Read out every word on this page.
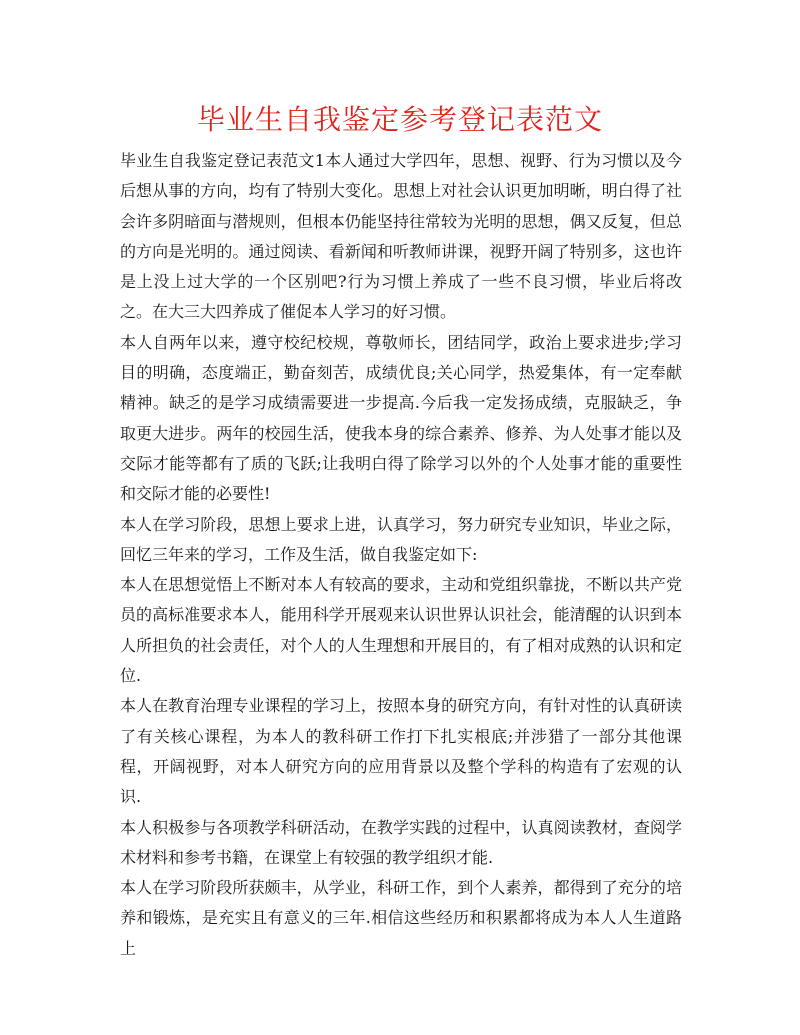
毕业生自我鉴定参考登记表范文

毕业生自我鉴定登记表范文1本人通过大学四年，思想、视野、行为习惯以及今后想从事的方向，均有了特别大变化。思想上对社会认识更加明晰，明白得了社会许多阴暗面与潜规则，但根本仍能坚持往常较为光明的思想，偶又反复，但总的方向是光明的。通过阅读、看新闻和听教师讲课，视野开阔了特别多，这也许是上没上过大学的一个区别吧?行为习惯上养成了一些不良习惯，毕业后将改之。在大三大四养成了催促本人学习的好习惯。

本人自两年以来，遵守校纪校规，尊敬师长，团结同学，政治上要求进步;学习目的明确，态度端正，勤奋刻苦，成绩优良;关心同学，热爱集体，有一定奉献精神。缺乏的是学习成绩需要进一步提高.今后我一定发扬成绩，克服缺乏，争取更大进步。两年的校园生活，使我本身的综合素养、修养、为人处事才能以及交际才能等都有了质的飞跃;让我明白得了除学习以外的个人处事才能的重要性和交际才能的必要性!

本人在学习阶段，思想上要求上进，认真学习，努力研究专业知识，毕业之际，回忆三年来的学习，工作及生活，做自我鉴定如下:

本人在思想觉悟上不断对本人有较高的要求，主动和党组织靠拢，不断以共产党员的高标准要求本人，能用科学开展观来认识世界认识社会，能清醒的认识到本人所担负的社会责任，对个人的人生理想和开展目的，有了相对成熟的认识和定位.

本人在教育治理专业课程的学习上，按照本身的研究方向，有针对性的认真研读了有关核心课程，为本人的教科研工作打下扎实根底;并涉猎了一部分其他课程，开阔视野，对本人研究方向的应用背景以及整个学科的构造有了宏观的认识.

本人积极参与各项教学科研活动，在教学实践的过程中，认真阅读教材，查阅学术材料和参考书籍，在课堂上有较强的教学组织才能.

本人在学习阶段所获颇丰，从学业，科研工作，到个人素养，都得到了充分的培养和锻炼，是充实且有意义的三年.相信这些经历和积累都将成为本人人生道路上
